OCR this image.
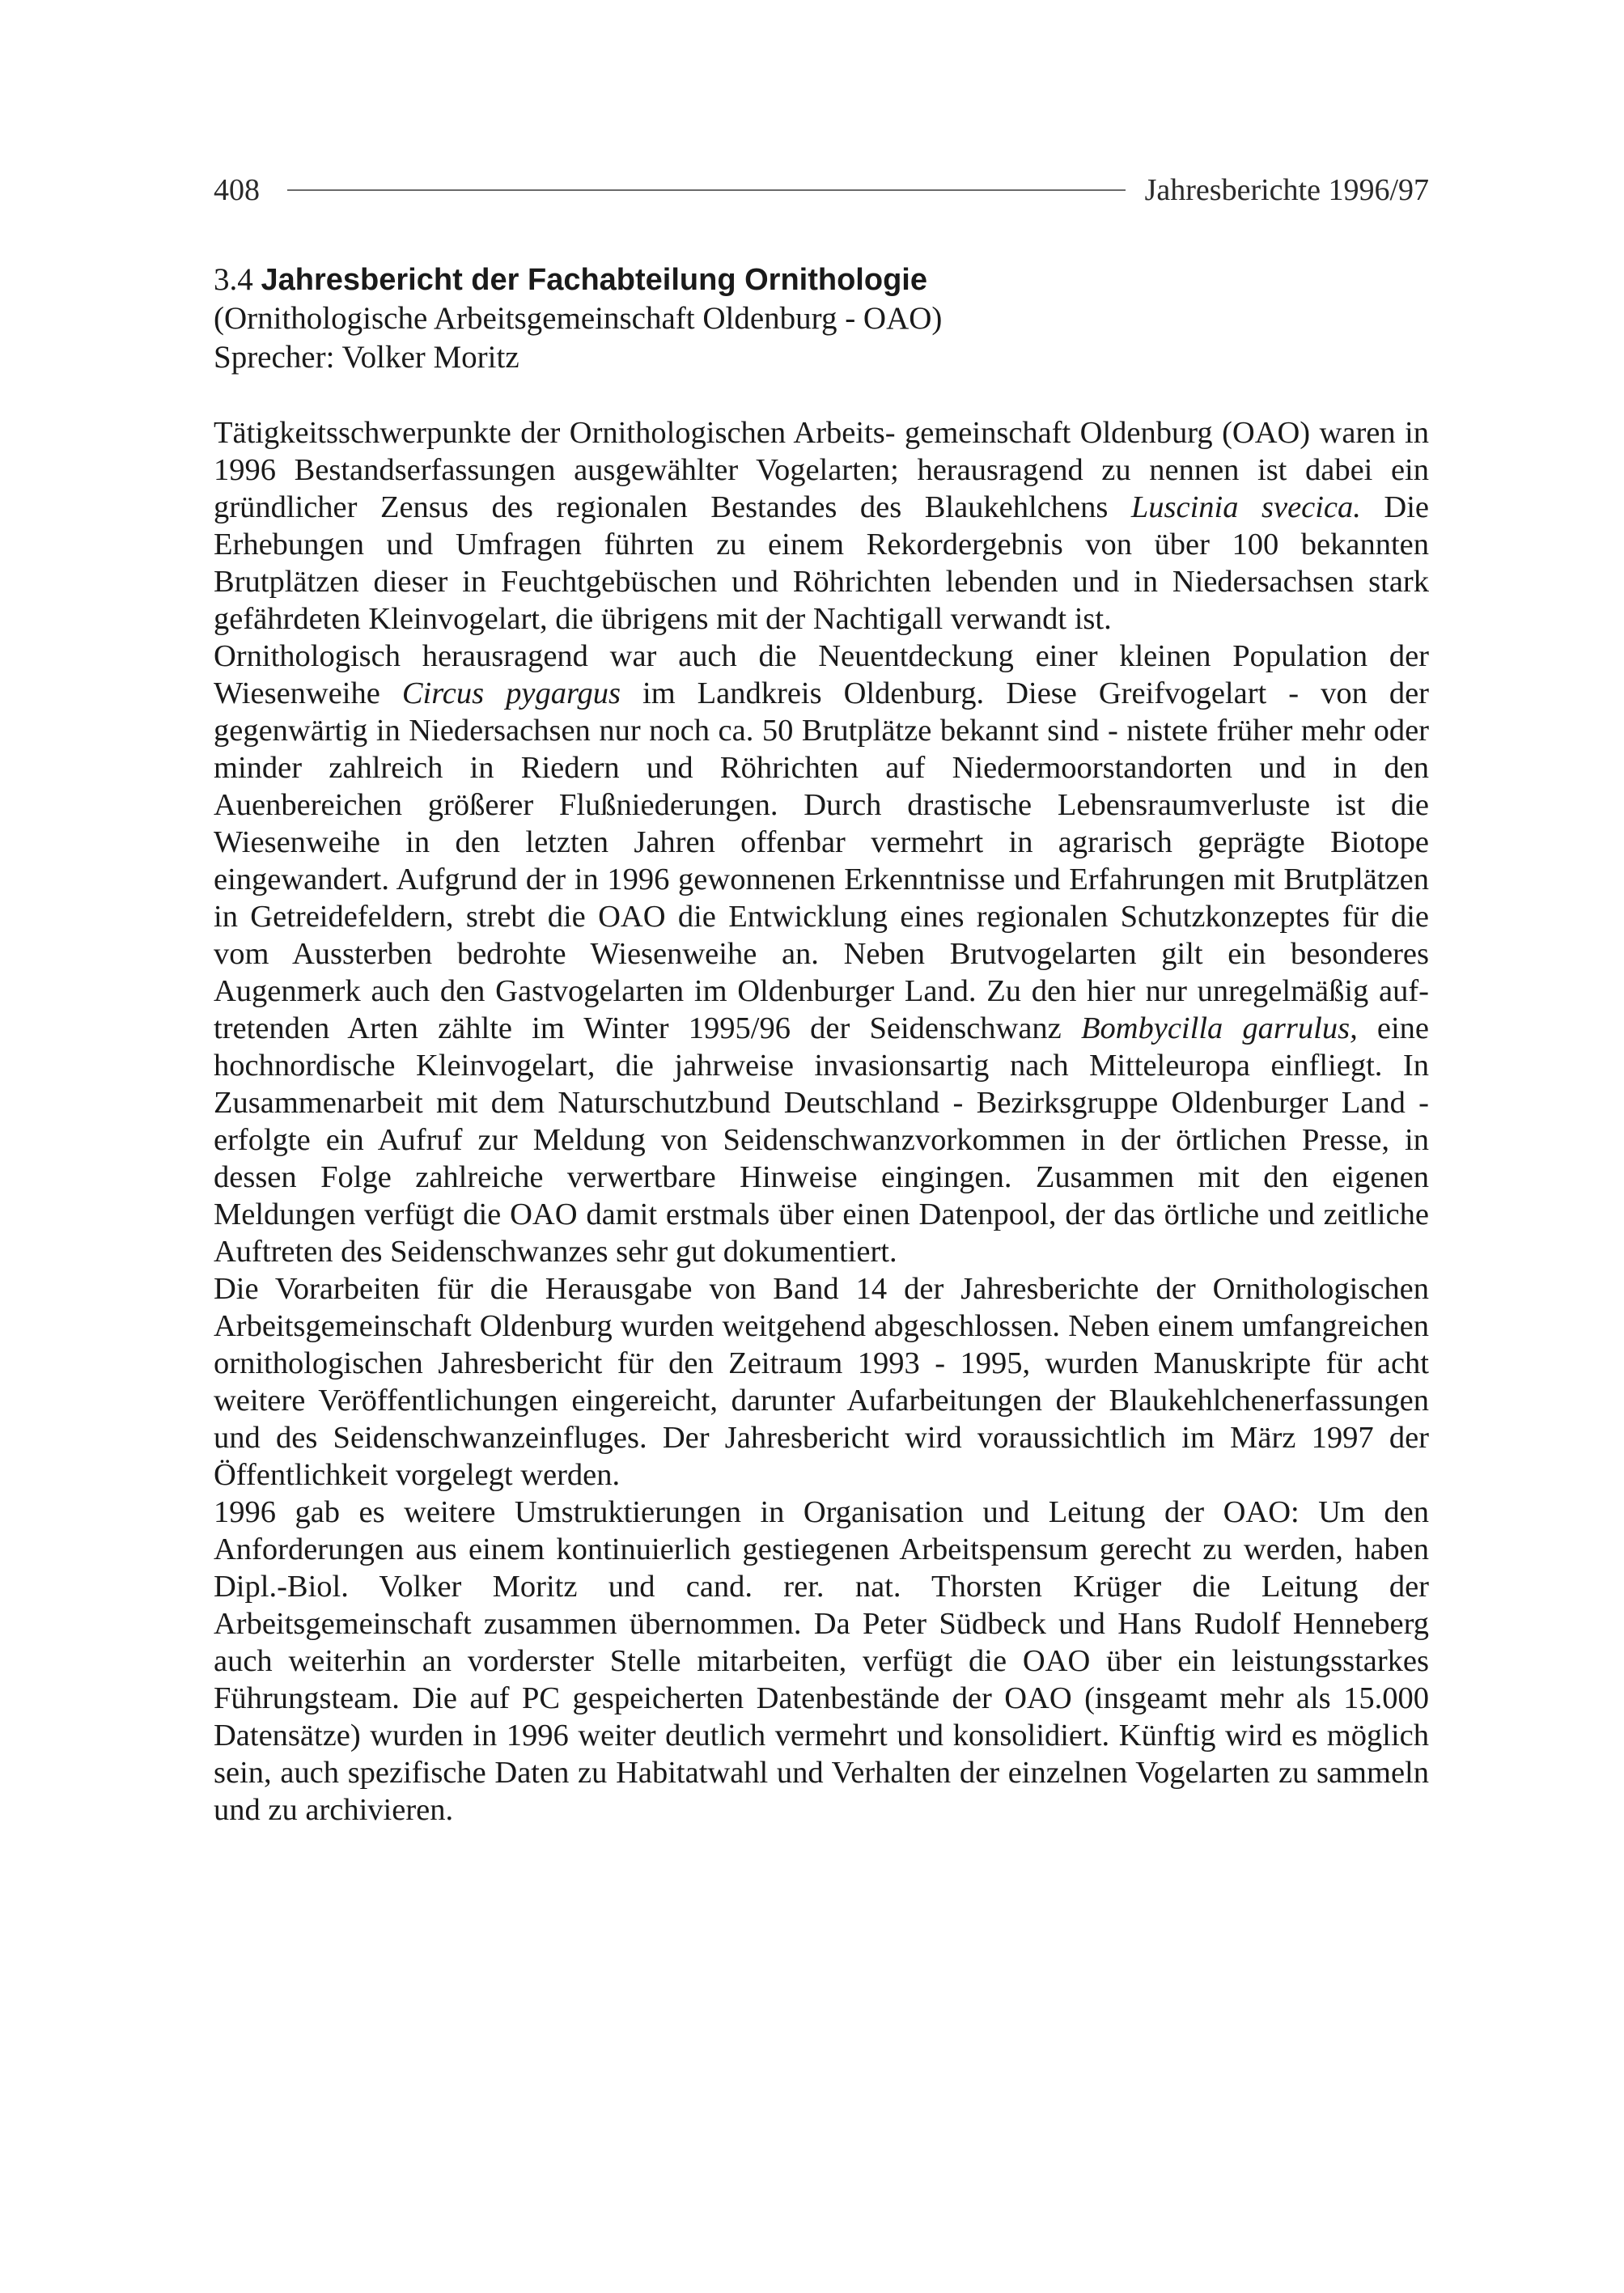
408	Jahresberichte 1996/97
3.4 Jahresbericht der Fachabteilung Ornithologie
(Ornithologische Arbeitsgemeinschaft Oldenburg - OAO)
Sprecher: Volker Moritz

Tätigkeitsschwerpunkte der Ornithologischen Arbeits- gemeinschaft Oldenburg (OAO) waren in 1996 Bestandserfassungen ausgewählter Vogelarten; herausragend zu nennen ist dabei ein gründlicher Zensus des regionalen Bestandes des Blaukehlchens Luscinia svecica. Die Erhebungen und Umfragen führten zu einem Rekordergebnis von über 100 bekannten Brutplätzen dieser in Feuchtgebüschen und Röhrichten lebenden und in Niedersachsen stark gefährdeten Kleinvogelart, die übrigens mit der Nachtigall verwandt ist.

Ornithologisch herausragend war auch die Neuentdeckung einer kleinen Population der Wiesenweihe Circus pygargus im Landkreis Oldenburg. Diese Greifvogelart - von der gegenwärtig in Niedersachsen nur noch ca. 50 Brutplätze bekannt sind - nistete früher mehr oder minder zahlreich in Riedern und Röhrichten auf Niedermoorstandorten und in den Auenbereichen größerer Flußniederungen. Durch drastische Lebensraumverluste ist die Wiesenweihe in den letzten Jahren offenbar vermehrt in agrarisch geprägte Biotope eingewandert. Aufgrund der in 1996 gewonnenen Erkenntnisse und Erfahrungen mit Brutplätzen in Getreidefeldern, strebt die OAO die Entwicklung eines regionalen Schutzkonzeptes für die vom Aussterben bedrohte Wiesenweihe an. Neben Brutvogelarten gilt ein besonderes Augenmerk auch den Gastvogelarten im Oldenburger Land. Zu den hier nur unregelmäßig auftretenden Arten zählte im Winter 1995/96 der Seidenschwanz Bombycilla garrulus, eine hochnordische Kleinvogelart, die jahrweise invasionsartig nach Mitteleuropa einfliegt. In Zusammenarbeit mit dem Naturschutzbund Deutschland - Bezirksgruppe Oldenburger Land - erfolgte ein Aufruf zur Meldung von Seidenschwanzvorkommen in der örtlichen Presse, in dessen Folge zahlreiche verwertbare Hinweise eingingen. Zusammen mit den eigenen Meldungen verfügt die OAO damit erstmals über einen Datenpool, der das örtliche und zeitliche Auftreten des Seidenschwanzes sehr gut dokumentiert.

Die Vorarbeiten für die Herausgabe von Band 14 der Jahresberichte der Ornithologischen Arbeitsgemeinschaft Oldenburg wurden weitgehend abgeschlossen. Neben einem umfangreichen ornithologischen Jahresbericht für den Zeitraum 1993 - 1995, wurden Manuskripte für acht weitere Veröffentlichungen eingereicht, darunter Aufarbeitungen der Blaukehlchenerfassungen und des Seidenschwanzeinfluges. Der Jahresbericht wird voraussichtlich im März 1997 der Öffentlichkeit vorgelegt werden.

1996 gab es weitere Umstruktierungen in Organisation und Leitung der OAO: Um den Anforderungen aus einem kontinuierlich gestiegenen Arbeitspensum gerecht zu werden, haben Dipl.-Biol. Volker Moritz und cand. rer. nat. Thorsten Krüger die Leitung der Arbeitsgemeinschaft zusammen übernommen. Da Peter Südbeck und Hans Rudolf Henneberg auch weiterhin an vorderster Stelle mitarbeiten, verfügt die OAO über ein leistungsstarkes Führungsteam. Die auf PC gespeicherten Datenbestände der OAO (insgeamt mehr als 15.000 Datensätze) wurden in 1996 weiter deutlich vermehrt und konsolidiert. Künftig wird es möglich sein, auch spezifische Daten zu Habitatwahl und Verhalten der einzelnen Vogelarten zu sammeln und zu archivieren.
